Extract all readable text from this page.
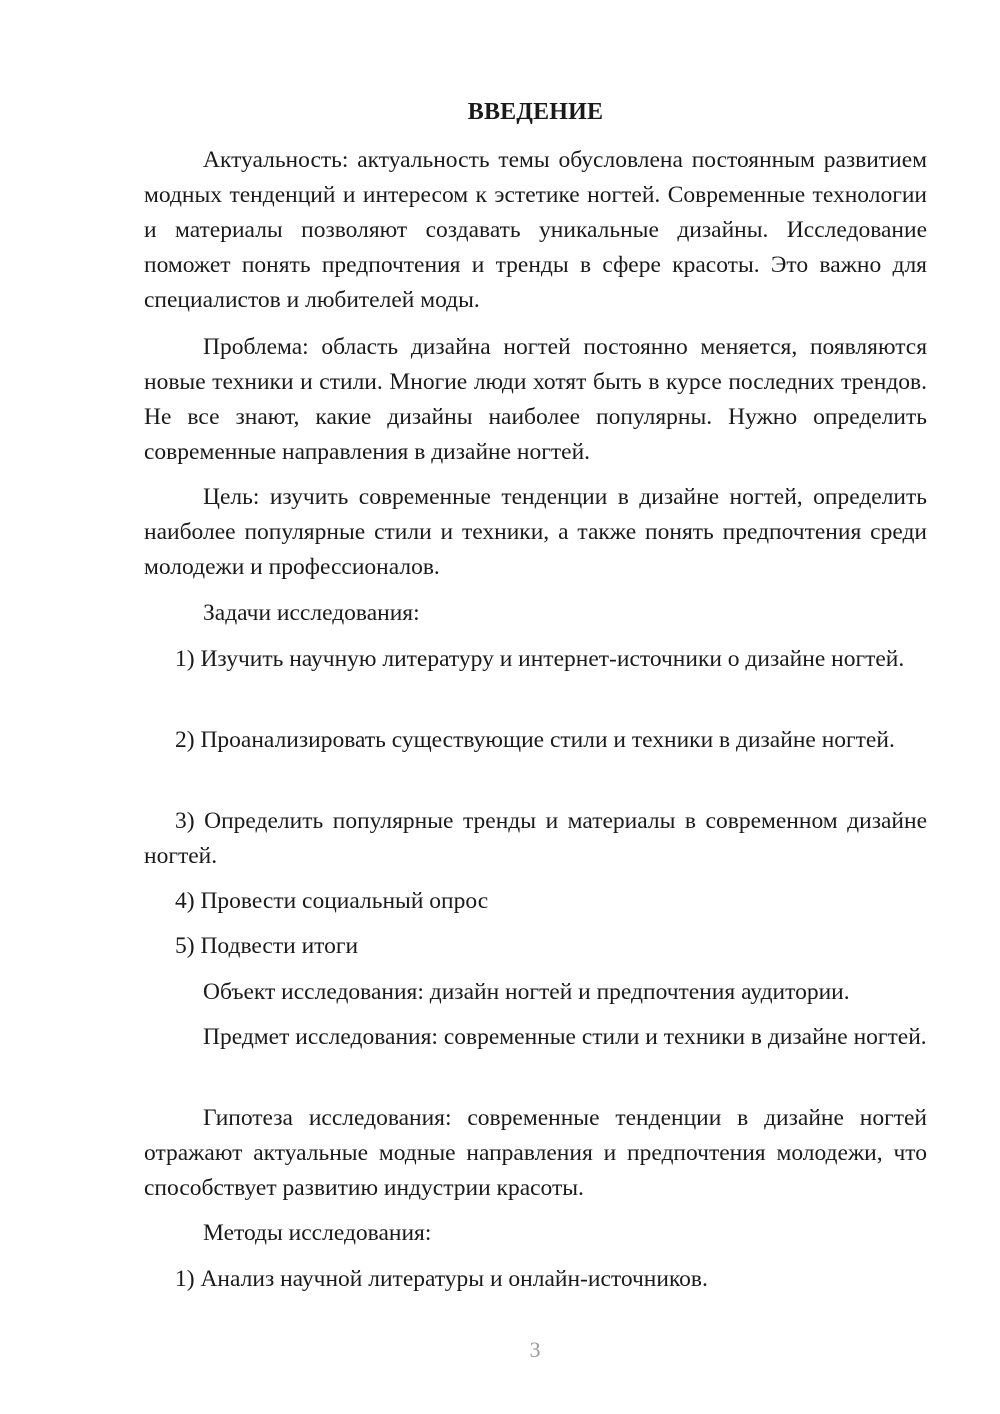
ВВЕДЕНИЕ

Актуальность: актуальность темы обусловлена постоянным развитием модных тенденций и интересом к эстетике ногтей. Современные технологии и материалы позволяют создавать уникальные дизайны. Исследование поможет понять предпочтения и тренды в сфере красоты. Это важно для специалистов и любителей моды.

Проблема: область дизайна ногтей постоянно меняется, появляются новые техники и стили. Многие люди хотят быть в курсе последних трендов. Не все знают, какие дизайны наиболее популярны. Нужно определить современные направления в дизайне ногтей.

Цель: изучить современные тенденции в дизайне ногтей, определить наиболее популярные стили и техники, а также понять предпочтения среди молодежи и профессионалов.

Задачи исследования:

1) Изучить научную литературу и интернет-источники о дизайне ногтей.

2) Проанализировать существующие стили и техники в дизайне ногтей.

3) Определить популярные тренды и материалы в современном дизайне ногтей.

4) Провести социальный опрос

5) Подвести итоги

Объект исследования: дизайн ногтей и предпочтения аудитории.

Предмет исследования: современные стили и техники в дизайне ногтей.

Гипотеза исследования: современные тенденции в дизайне ногтей отражают актуальные модные направления и предпочтения молодежи, что способствует развитию индустрии красоты.

Методы исследования:

1) Анализ научной литературы и онлайн-источников.

3
